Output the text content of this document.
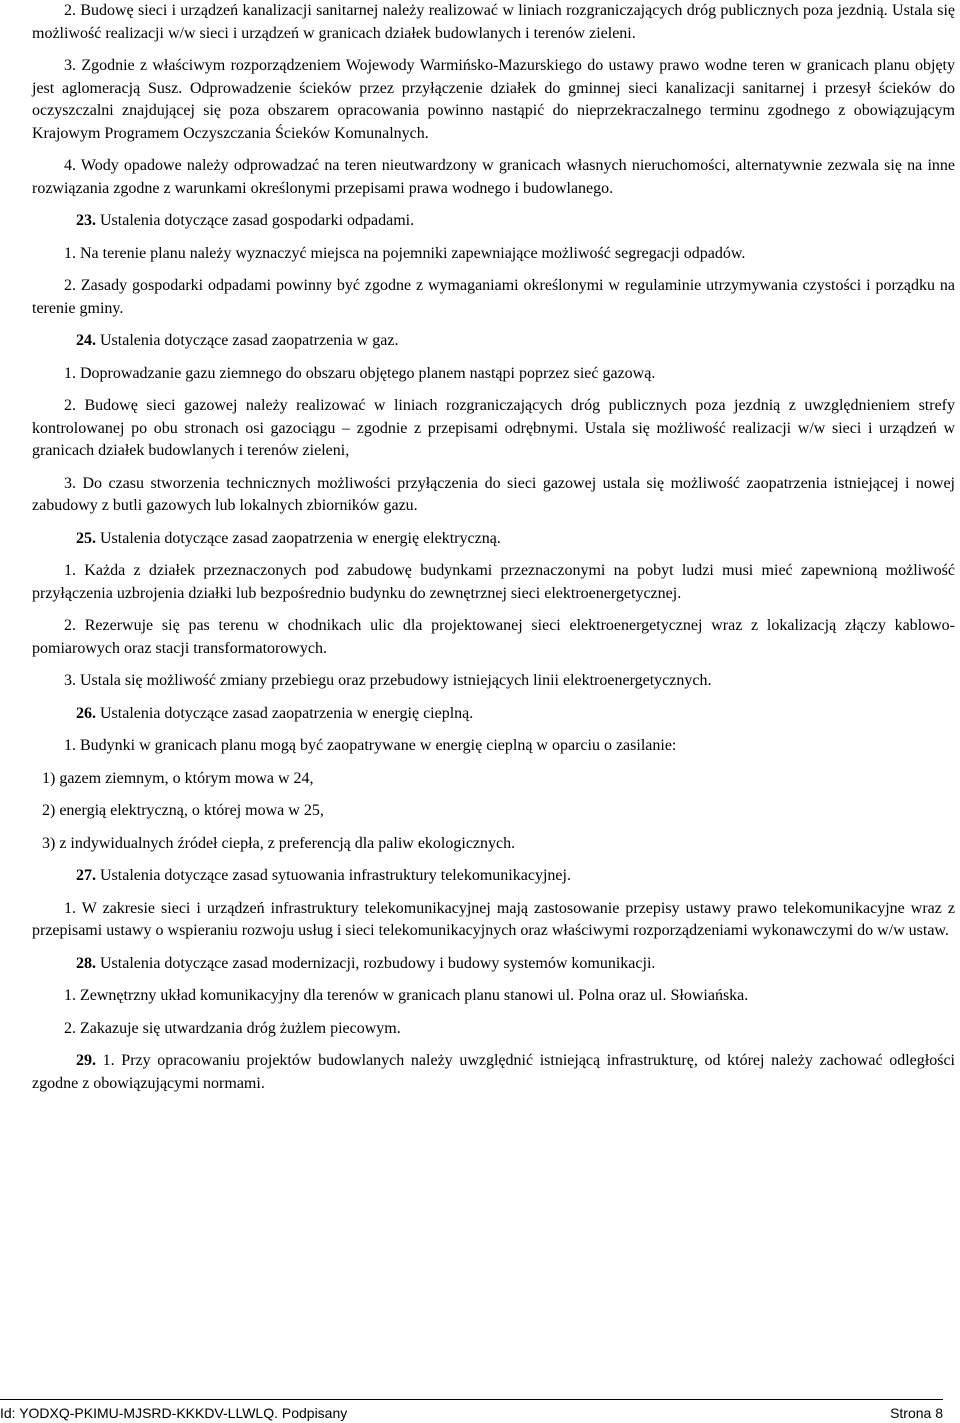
2. Budowę sieci i urządzeń kanalizacji sanitarnej należy realizować w liniach rozgraniczających dróg publicznych poza jezdnią. Ustala się możliwość realizacji w/w sieci i urządzeń w granicach działek budowlanych i terenów zieleni.

3. Zgodnie z właściwym rozporządzeniem Wojewody Warmińsko-Mazurskiego do ustawy prawo wodne teren w granicach planu objęty jest aglomeracją Susz. Odprowadzenie ścieków przez przyłączenie działek do gminnej sieci kanalizacji sanitarnej i przesył ścieków do oczyszczalni znajdującej się poza obszarem opracowania powinno nastąpić do nieprzekraczalnego terminu zgodnego z obowiązującym Krajowym Programem Oczyszczania Ścieków Komunalnych.

4. Wody opadowe należy odprowadzać na teren nieutwardzony w granicach własnych nieruchomości, alternatywnie zezwala się na inne rozwiązania zgodne z warunkami określonymi przepisami prawa wodnego i budowlanego.

23. Ustalenia dotyczące zasad gospodarki odpadami.

1. Na terenie planu należy wyznaczyć miejsca na pojemniki zapewniające możliwość segregacji odpadów.

2. Zasady gospodarki odpadami powinny być zgodne z wymaganiami określonymi w regulaminie utrzymywania czystości i porządku na terenie gminy.

24. Ustalenia dotyczące zasad zaopatrzenia w gaz.

1. Doprowadzanie gazu ziemnego do obszaru objętego planem nastąpi poprzez sieć gazową.

2. Budowę sieci gazowej należy realizować w liniach rozgraniczających dróg publicznych poza jezdnią z uwzględnieniem strefy kontrolowanej po obu stronach osi gazociągu – zgodnie z przepisami odrębnymi. Ustala się możliwość realizacji w/w sieci i urządzeń w granicach działek budowlanych i terenów zieleni,

3. Do czasu stworzenia technicznych możliwości przyłączenia do sieci gazowej ustala się możliwość zaopatrzenia istniejącej i nowej zabudowy z butli gazowych lub lokalnych zbiorników gazu.

25. Ustalenia dotyczące zasad zaopatrzenia w energię elektryczną.

1. Każda z działek przeznaczonych pod zabudowę budynkami przeznaczonymi na pobyt ludzi musi mieć zapewnioną możliwość przyłączenia uzbrojenia działki lub bezpośrednio budynku do zewnętrznej sieci elektroenergetycznej.

2. Rezerwuje się pas terenu w chodnikach ulic dla projektowanej sieci elektroenergetycznej wraz z lokalizacją złączy kablowo-pomiarowych oraz stacji transformatorowych.

3. Ustala się możliwość zmiany przebiegu oraz przebudowy istniejących linii elektroenergetycznych.

26. Ustalenia dotyczące zasad zaopatrzenia w energię cieplną.

1. Budynki w granicach planu mogą być zaopatrywane w energię cieplną w oparciu o zasilanie:

1) gazem ziemnym, o którym mowa w 24,

2) energią elektryczną, o której mowa w 25,

3) z indywidualnych źródeł ciepła, z preferencją dla paliw ekologicznych.

27. Ustalenia dotyczące zasad sytuowania infrastruktury telekomunikacyjnej.

1. W zakresie sieci i urządzeń infrastruktury telekomunikacyjnej mają zastosowanie przepisy ustawy prawo telekomunikacyjne wraz z przepisami ustawy o wspieraniu rozwoju usług i sieci telekomunikacyjnych oraz właściwymi rozporządzeniami wykonawczymi do w/w ustaw.

28. Ustalenia dotyczące zasad modernizacji, rozbudowy i budowy systemów komunikacji.

1. Zewnętrzny układ komunikacyjny dla terenów w granicach planu stanowi ul. Polna oraz ul. Słowiańska.

2. Zakazuje się utwardzania dróg żużlem piecowym.

29. 1. Przy opracowaniu projektów budowlanych należy uwzględnić istniejącą infrastrukturę, od której należy zachować odległości zgodne z obowiązującymi normami.

Id: YODXQ-PKIMU-MJSRD-KKKDV-LLWLQ. Podpisany	Strona 8
